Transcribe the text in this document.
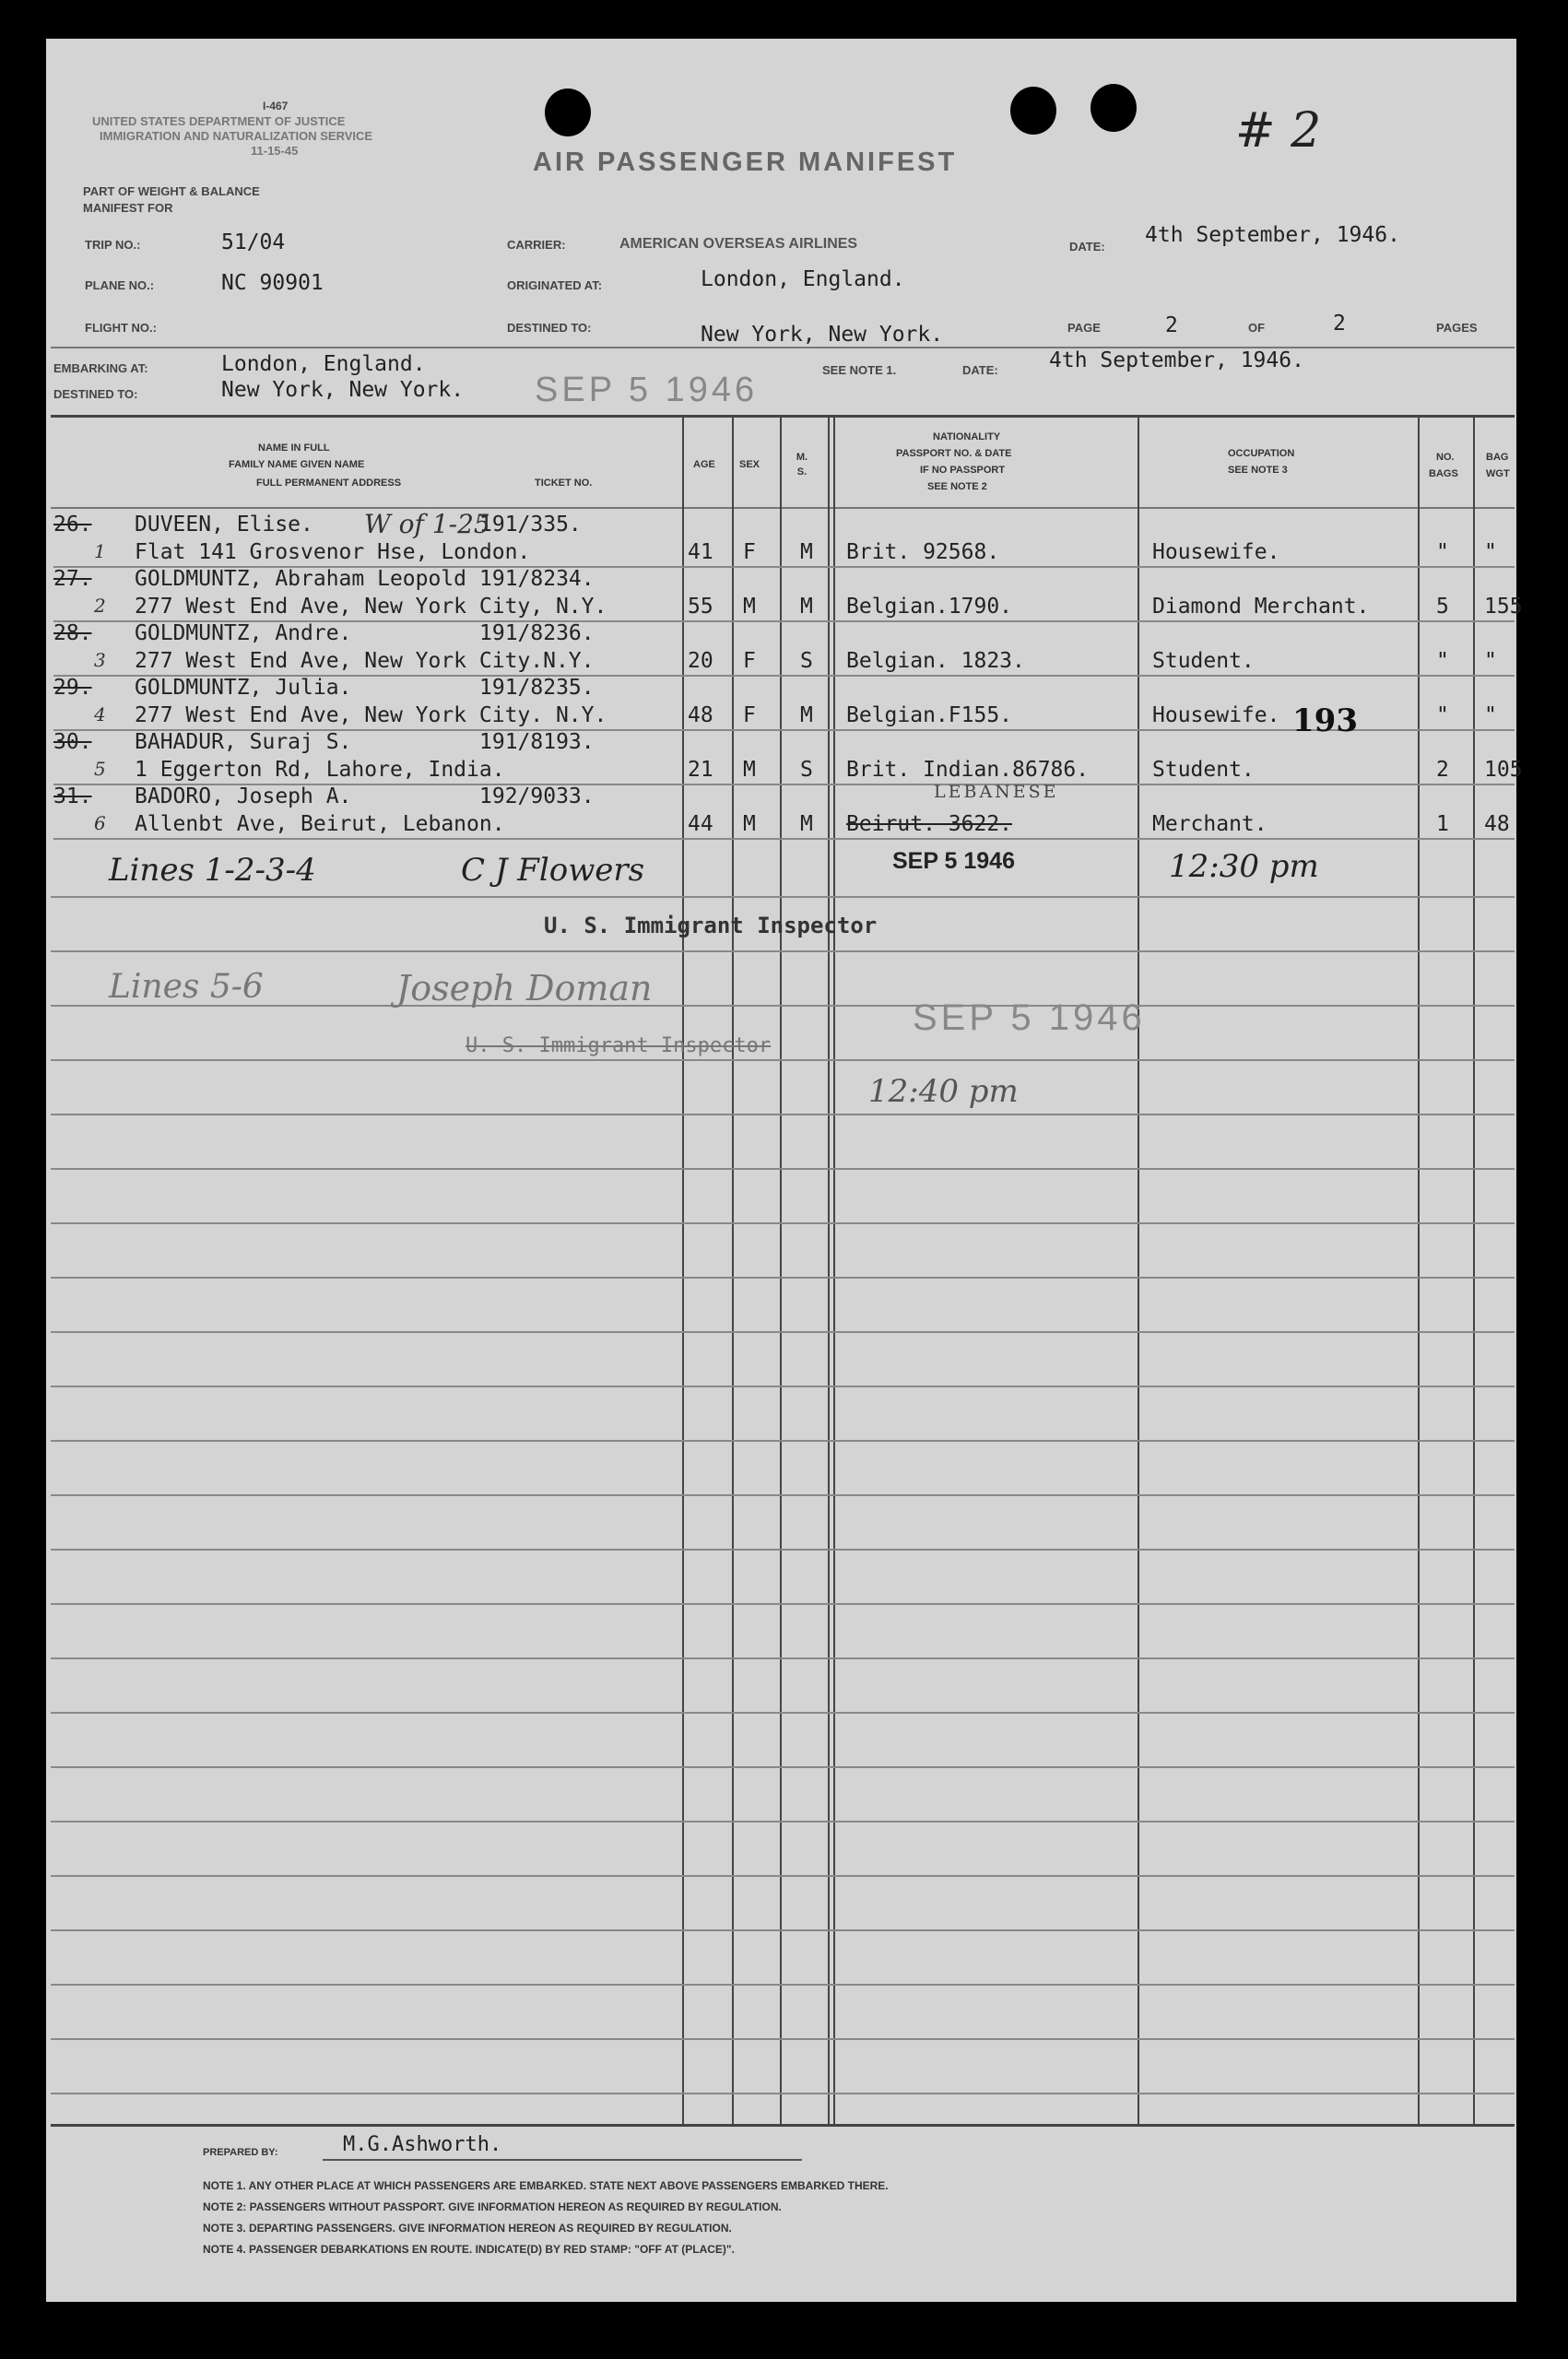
I-467
UNITED STATES DEPARTMENT OF JUSTICE
IMMIGRATION AND NATURALIZATION SERVICE
11-15-45
PART OF WEIGHT & BALANCE
MANIFEST FOR
AIR PASSENGER MANIFEST
# 2
TRIP NO.:	51/04
PLANE NO.:	NC 90901
FLIGHT NO.:
CARRIER:	AMERICAN OVERSEAS AIRLINES
ORIGINATED AT:	London, England.
DESTINED TO:	New York, New York.
DATE: 4th September, 1946.
PAGE	2	OF	2	PAGES
EMBARKING AT:	London, England.
DESTINED TO:	New York, New York. SEP 5 1946
SEE NOTE 1.	DATE: 4th September, 1946.
NAME IN FULL
FAMILY NAME GIVEN NAME
FULL PERMANENT ADDRESS	TICKET NO.
AGE SEX
M. S.
NATIONALITY
PASSPORT NO. & DATE
IF NO PASSPORT
SEE NOTE 2
OCCUPATION
SEE NOTE 3
NO.
BAGS
BAG
WGT
26. DUVEEN, Elise.	191/335.
1 Flat 141 Grosvenor Hse, London.	41 F M Brit. 92568.	Housewife.	" "
27. GOLDMUNTZ, Abraham Leopold 191/8234.
2 277 West End Ave, New York City, N.Y.	55 M M Belgian.1790.	Diamond Merchant.	5 155
28. GOLDMUNTZ, Andre.	191/8236.
3 277 West End Ave, New York City.N.Y.	20 F S Belgian. 1823.	Student.	" "
29. GOLDMUNTZ, Julia.	191/8235.
4 277 West End Ave, New York City. N.Y.	48 F M Belgian.F155.	Housewife.	" "
30. BAHADUR, Suraj S.	191/8193.
5 1 Eggerton Rd, Lahore, India.	21 M S Brit. Indian.86786.	Student.	2 105
31. BADORO, Joseph A.	192/9033.
6 Allenbt Ave, Beirut, Lebanon.	44 M M Beirut. 3622.	Merchant.	1 48
W of 1-25
LEBANESE
193
Lines 1-2-3-4	C J Flowers	SEP 5 1946	12:30 pm
U. S. Immigrant Inspector
Lines 5-6	Joseph Doman
U. S. Immigrant Inspector
SEP 5 1946
12:40 pm
PREPARED BY:	M.G.Ashworth.
NOTE 1. ANY OTHER PLACE AT WHICH PASSENGERS ARE EMBARKED. STATE NEXT ABOVE PASSENGERS EMBARKED THERE.
NOTE 2: PASSENGERS WITHOUT PASSPORT. GIVE INFORMATION HEREON AS REQUIRED BY REGULATION.
NOTE 3. DEPARTING PASSENGERS. GIVE INFORMATION HEREON AS REQUIRED BY REGULATION.
NOTE 4. PASSENGER DEBARKATIONS EN ROUTE. INDICATE(D) BY RED STAMP: "OFF AT (PLACE)".
